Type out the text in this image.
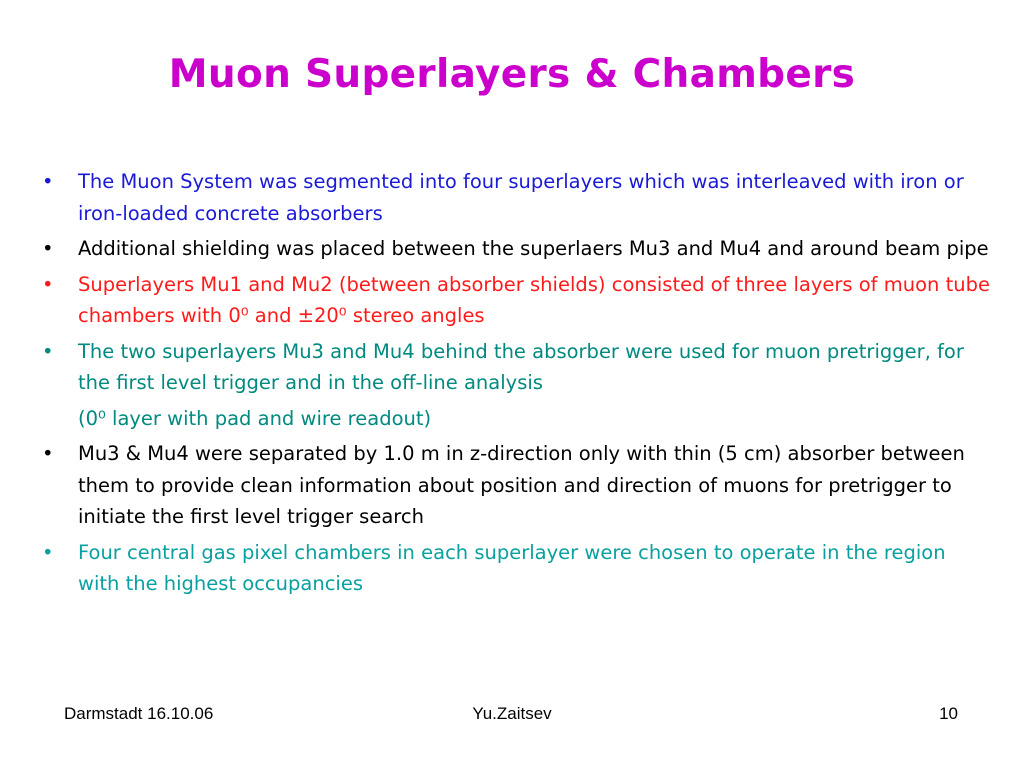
Muon Superlayers & Chambers
• The Muon System was segmented into four superlayers which was interleaved with iron or iron-loaded concrete absorbers
• Additional shielding was placed between the superlaers Mu3 and Mu4 and around beam pipe
• Superlayers Mu1 and Mu2 (between absorber shields) consisted of three layers of muon tube chambers with 0⁰ and ±20⁰ stereo angles
• The two superlayers Mu3 and Mu4 behind the absorber were used for muon pretrigger, for the first level trigger and in the off-line analysis
(0⁰ layer with pad and wire readout)
• Mu3 & Mu4 were separated by 1.0 m in z-direction only with thin (5 cm) absorber between them to provide clean information about position and direction of muons for pretrigger to initiate the first level trigger search
• Four central gas pixel chambers in each superlayer were chosen to operate in the region with the highest occupancies
Darmstadt 16.10.06	Yu.Zaitsev	10
